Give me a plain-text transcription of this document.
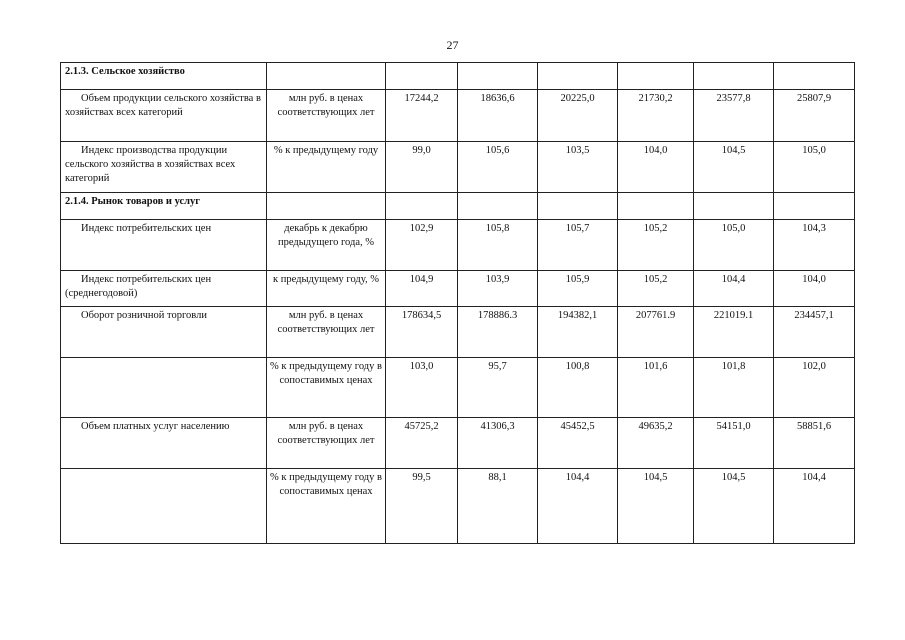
27
2.1.3. Сельское хозяйство							
Объем продукции сельского хозяйства в хозяйствах всех категорий	млн руб. в ценах соответствующих лет	17244,2	18636,6	20225,0	21730,2	23577,8	25807,9
Индекс производства продукции сельского хозяйства в хозяйствах всех категорий	% к предыдущему году	99,0	105,6	103,5	104,0	104,5	105,0
2.1.4. Рынок товаров и услуг							
Индекс потребительских цен	декабрь к декабрю предыдущего года, %	102,9	105,8	105,7	105,2	105,0	104,3
Индекс потребительских цен (среднегодовой)	к предыдущему году, %	104,9	103,9	105,9	105,2	104,4	104,0
Оборот розничной торговли	млн руб. в ценах соответствующих лет	178634,5	178886.3	194382,1	207761.9	221019.1	234457,1
	% к предыдущему году в сопоставимых ценах	103,0	95,7	100,8	101,6	101,8	102,0
Объем платных услуг населению	млн руб. в ценах соответствующих лет	45725,2	41306,3	45452,5	49635,2	54151,0	58851,6
	% к предыдущему году в сопоставимых ценах	99,5	88,1	104,4	104,5	104,5	104,4
